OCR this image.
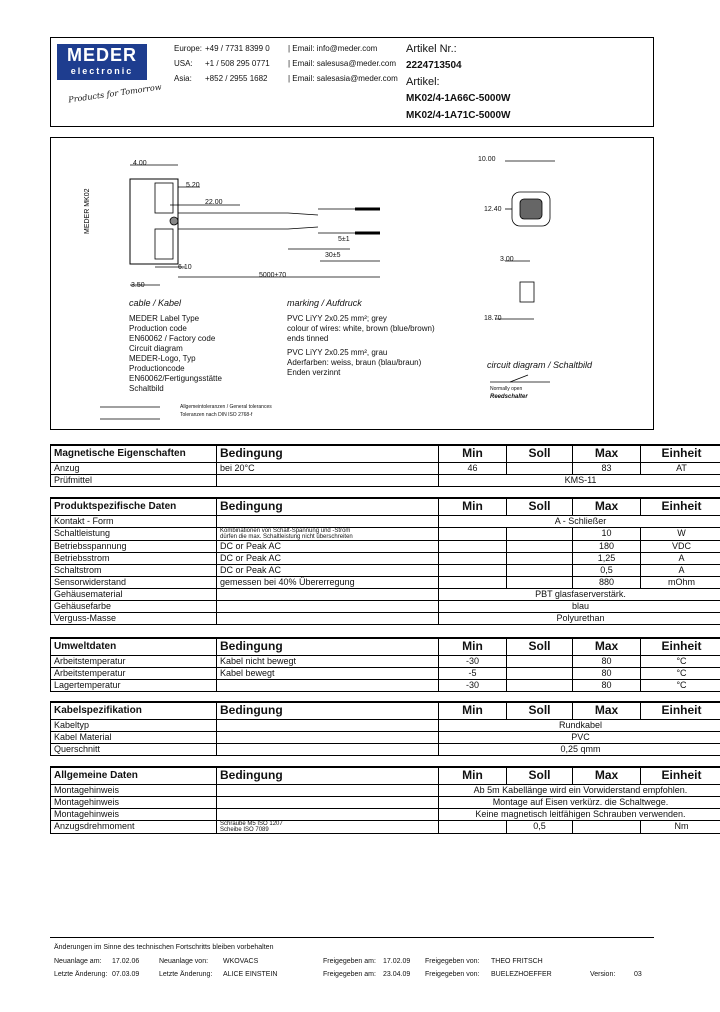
MEDER
electronic
Products for Tomorrow
Europe: +49 / 7731 8399 0 | Email: info@meder.com
USA: +1 / 508 295 0771 | Email: salesusa@meder.com
Asia: +852 / 2955 1682	| Email: salesasia@meder.com
Artikel Nr.:
2224713504
Artikel:
MK02/4-1A66C-5000W
MK02/4-1A71C-5000W
MEDER MK02
4.00
5.20
22.00
3.50
6.10
5±1
30±5
5000±70
10.00
12.40
3.00
18.70
cable / Kabel	marking / Aufdruck
MEDER Label Type
Production code
EN60062 / Factory code
Circuit diagram
MEDER-Logo, Typ
Productioncode
EN60062/Fertigungsstätte
Schaltbild
PVC LiYY 2x0.25 mm²; grey
colour of wires: white, brown (blue/brown)
ends tinned
PVC LiYY 2x0.25 mm², grau
Aderfarben: weiss, braun (blau/braun)
Enden verzinnt
circuit diagram / Schaltbild
Normally open
Reedschalter
Allgemeintoleranzen / General tolerances
Toleranzen nach DIN ISO 2768-f
Magnetische Eigenschaften	Bedingung	Min	Soll	Max	Einheit
Anzug	bei 20°C	46		83	AT
Prüfmittel		KMS-11			
Produktspezifische Daten	Bedingung	Min	Soll	Max	Einheit
Kontakt - Form		A - Schließer			
Schaltleistung	Kombinationen von Schalt-Spannung und -Strom
dürfen die max. Schaltleistung nicht überschreiten			10	W
Betriebsspannung	DC or Peak AC			180	VDC
Betriebsstrom	DC or Peak AC			1,25	A
Schaltstrom	DC or Peak AC			0,5	A
Sensorwiderstand	gemessen bei 40% Übererregung			880	mOhm
Gehäusematerial		PBT glasfaserverstärk.			
Gehäusefarbe		blau			
Verguss-Masse		Polyurethan			
Umweltdaten	Bedingung	Min	Soll	Max	Einheit
Arbeitstemperatur	Kabel nicht bewegt	-30		80	°C
Arbeitstemperatur	Kabel bewegt	-5		80	°C
Lagertemperatur		-30		80	°C
Kabelspezifikation	Bedingung	Min	Soll	Max	Einheit
Kabeltyp		Rundkabel			
Kabel Material		PVC			
Querschnitt		0,25 qmm			
Allgemeine Daten	Bedingung	Min	Soll	Max	Einheit
Montagehinweis		Ab 5m Kabellänge wird ein Vorwiderstand empfohlen.			
Montagehinweis		Montage auf Eisen verkürz. die Schaltwege.			
Montagehinweis		Keine magnetisch leitfähigen Schrauben verwenden.			
Anzugsdrehmoment	Schraube M5 ISO 1207
Scheibe ISO 7089		0,5		Nm
Änderungen im Sinne des technischen Fortschritts bleiben vorbehalten
Neuanlage am: 17.02.06	Neuanlage von: WKOVACS	Freigegeben am: 17.02.09 Freigegeben von: THEO FRITSCH
Letzte Änderung: 07.03.09	Letzte Änderung: ALICE EINSTEIN	Freigegeben am: 23.04.09 Freigegeben von: BUELEZHOEFFER	Version:	03
